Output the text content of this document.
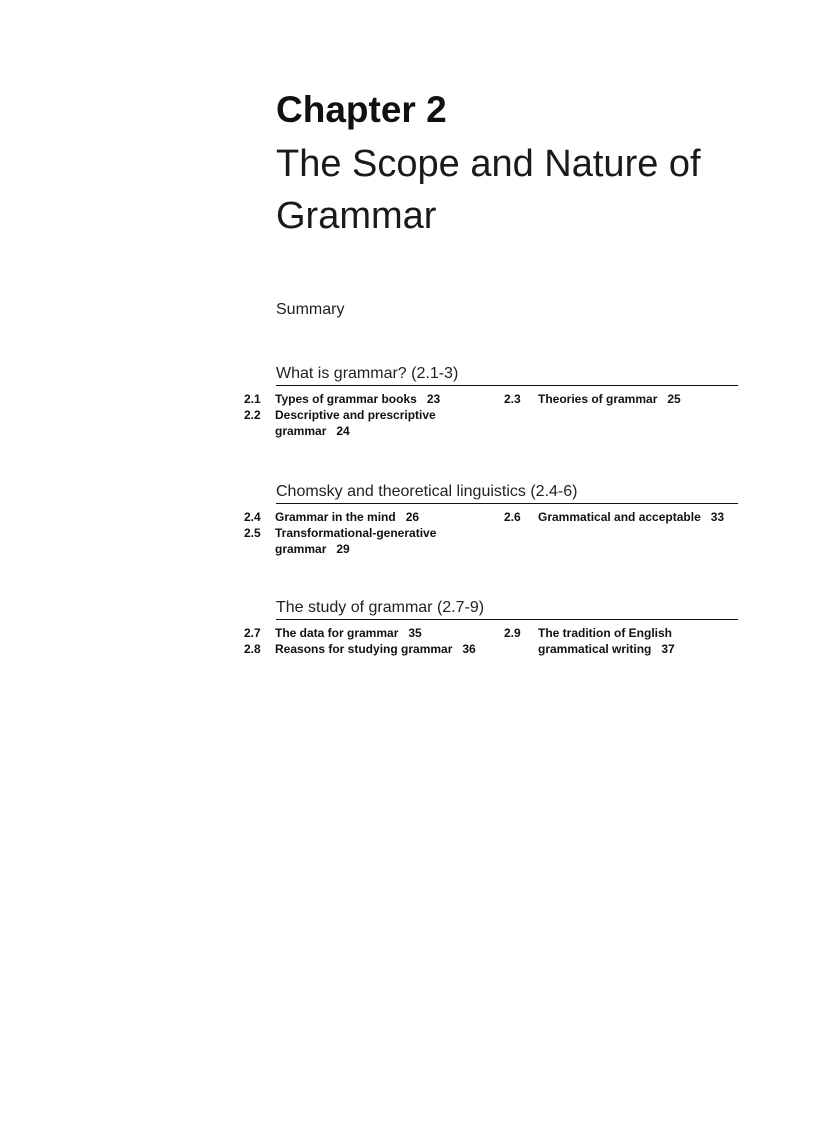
Chapter 2
The Scope and Nature of Grammar
Summary
What is grammar? (2.1-3)
2.1	Types of grammar books 23
2.2	Descriptive and prescriptive grammar 24
2.3	Theories of grammar 25
Chomsky and theoretical linguistics (2.4-6)
2.4	Grammar in the mind 26
2.5	Transformational-generative grammar 29
2.6	Grammatical and acceptable 33
The study of grammar (2.7-9)
2.7	The data for grammar 35
2.8	Reasons for studying grammar 36
2.9	The tradition of English grammatical writing 37
